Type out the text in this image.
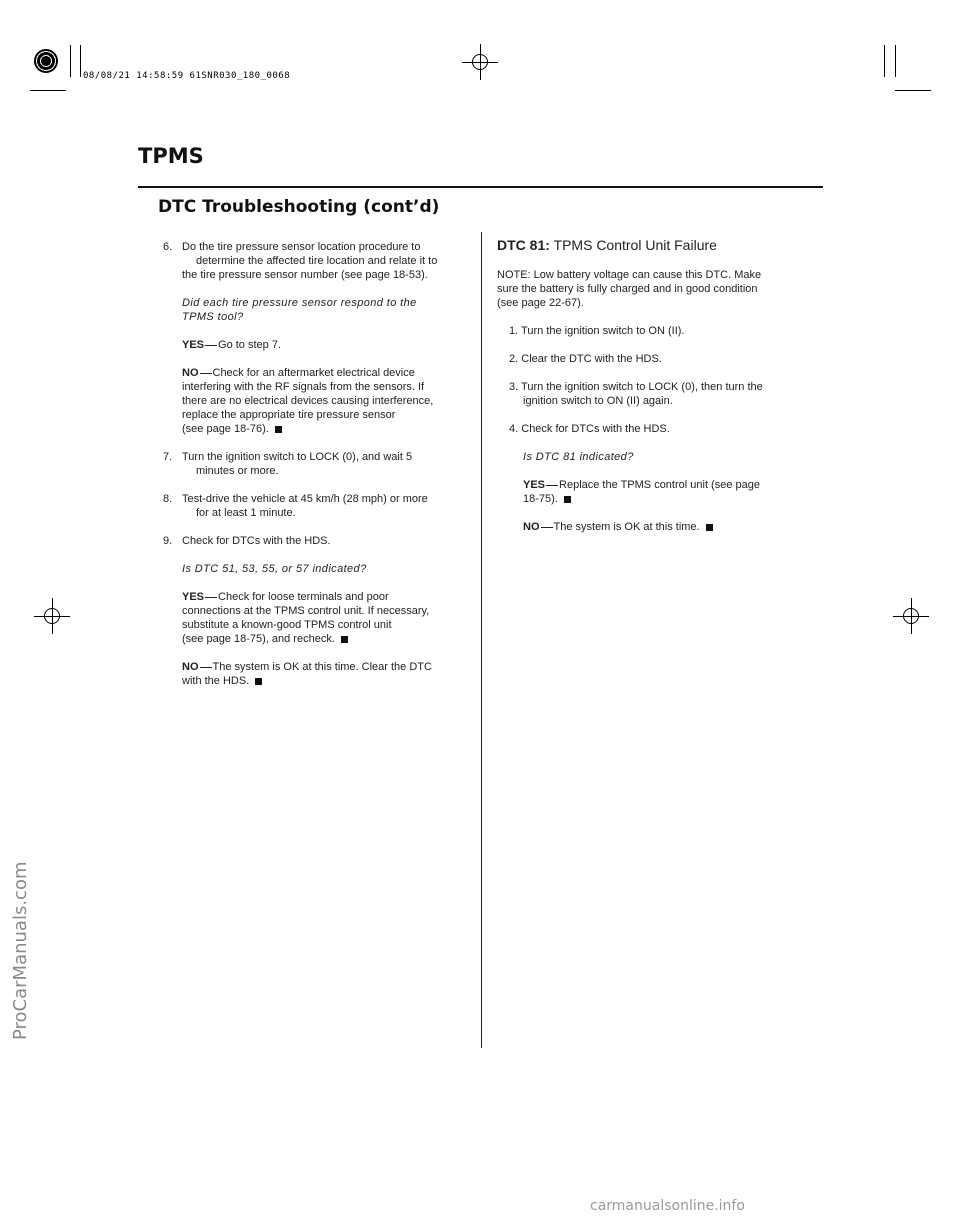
08/08/21 14:58:59 61SNR030_180_0068
TPMS
DTC Troubleshooting (cont’d)
6. Do the tire pressure sensor location procedure to
determine the affected tire location and relate it to
the tire pressure sensor number (see page 18-53).
Did each tire pressure sensor respond to the
TPMS tool?
YES Go to step 7.
NO Check for an aftermarket electrical device
interfering with the RF signals from the sensors. If
there are no electrical devices causing interference,
replace the appropriate tire pressure sensor
(see page 18-76).
7. Turn the ignition switch to LOCK (0), and wait 5
minutes or more.
8. Test-drive the vehicle at 45 km/h (28 mph) or more
for at least 1 minute.
9. Check for DTCs with the HDS.
Is DTC 51, 53, 55, or 57 indicated?
YES Check for loose terminals and poor
connections at the TPMS control unit. If necessary,
substitute a known-good TPMS control unit
(see page 18-75), and recheck.
NO The system is OK at this time. Clear the DTC
with the HDS.
DTC 81: TPMS Control Unit Failure
NOTE: Low battery voltage can cause this DTC. Make
sure the battery is fully charged and in good condition
(see page 22-67).
1. Turn the ignition switch to ON (II).
2. Clear the DTC with the HDS.
3. Turn the ignition switch to LOCK (0), then turn the
ignition switch to ON (II) again.
4. Check for DTCs with the HDS.
Is DTC 81 indicated?
YES Replace the TPMS control unit (see page
18-75).
NO The system is OK at this time.
ProCarManuals.com
carmanualsonline.info
